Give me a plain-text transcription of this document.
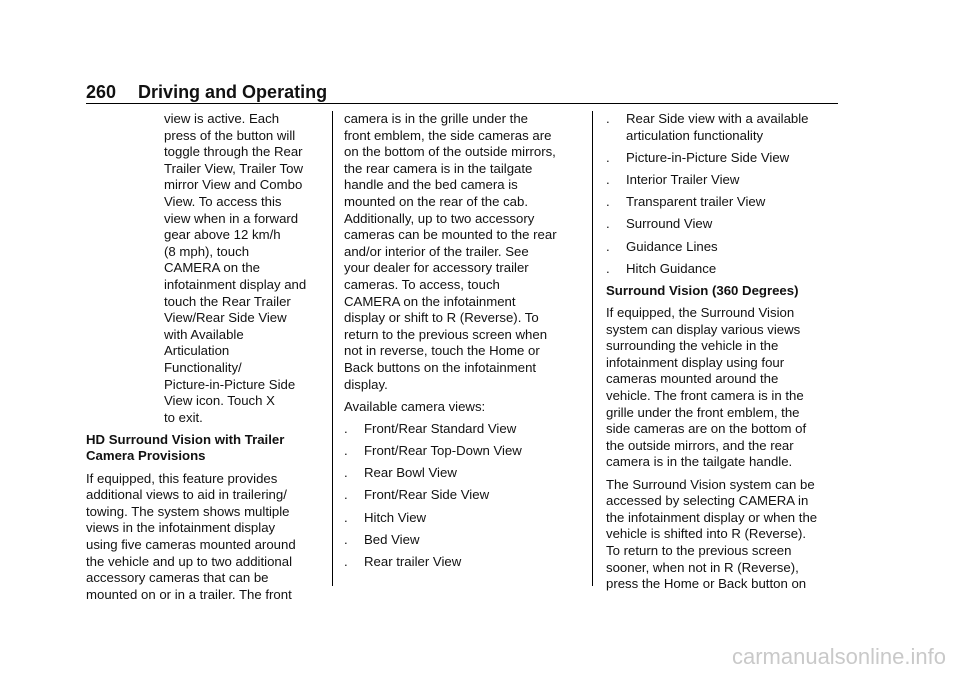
260 Driving and Operating
view is active. Each
press of the button will
toggle through the Rear
Trailer View, Trailer Tow
mirror View and Combo
View. To access this
view when in a forward
gear above 12 km/h
(8 mph), touch
CAMERA on the
infotainment display and
touch the Rear Trailer
View/Rear Side View
with Available
Articulation
Functionality/
Picture-in-Picture Side
View icon. Touch X
to exit.
HD Surround Vision with Trailer
Camera Provisions
If equipped, this feature provides
additional views to aid in trailering/
towing. The system shows multiple
views in the infotainment display
using five cameras mounted around
the vehicle and up to two additional
accessory cameras that can be
mounted on or in a trailer. The front
camera is in the grille under the
front emblem, the side cameras are
on the bottom of the outside mirrors,
the rear camera is in the tailgate
handle and the bed camera is
mounted on the rear of the cab.
Additionally, up to two accessory
cameras can be mounted to the rear
and/or interior of the trailer. See
your dealer for accessory trailer
cameras. To access, touch
CAMERA on the infotainment
display or shift to R (Reverse). To
return to the previous screen when
not in reverse, touch the Home or
Back buttons on the infotainment
display.
Available camera views:
. Front/Rear Standard View
. Front/Rear Top-Down View
. Rear Bowl View
. Front/Rear Side View
. Hitch View
. Bed View
. Rear trailer View
. Rear Side view with a available
articulation functionality
. Picture-in-Picture Side View
. Interior Trailer View
. Transparent trailer View
. Surround View
. Guidance Lines
. Hitch Guidance
Surround Vision (360 Degrees)
If equipped, the Surround Vision
system can display various views
surrounding the vehicle in the
infotainment display using four
cameras mounted around the
vehicle. The front camera is in the
grille under the front emblem, the
side cameras are on the bottom of
the outside mirrors, and the rear
camera is in the tailgate handle.
The Surround Vision system can be
accessed by selecting CAMERA in
the infotainment display or when the
vehicle is shifted into R (Reverse).
To return to the previous screen
sooner, when not in R (Reverse),
press the Home or Back button on
carmanualsonline.info
